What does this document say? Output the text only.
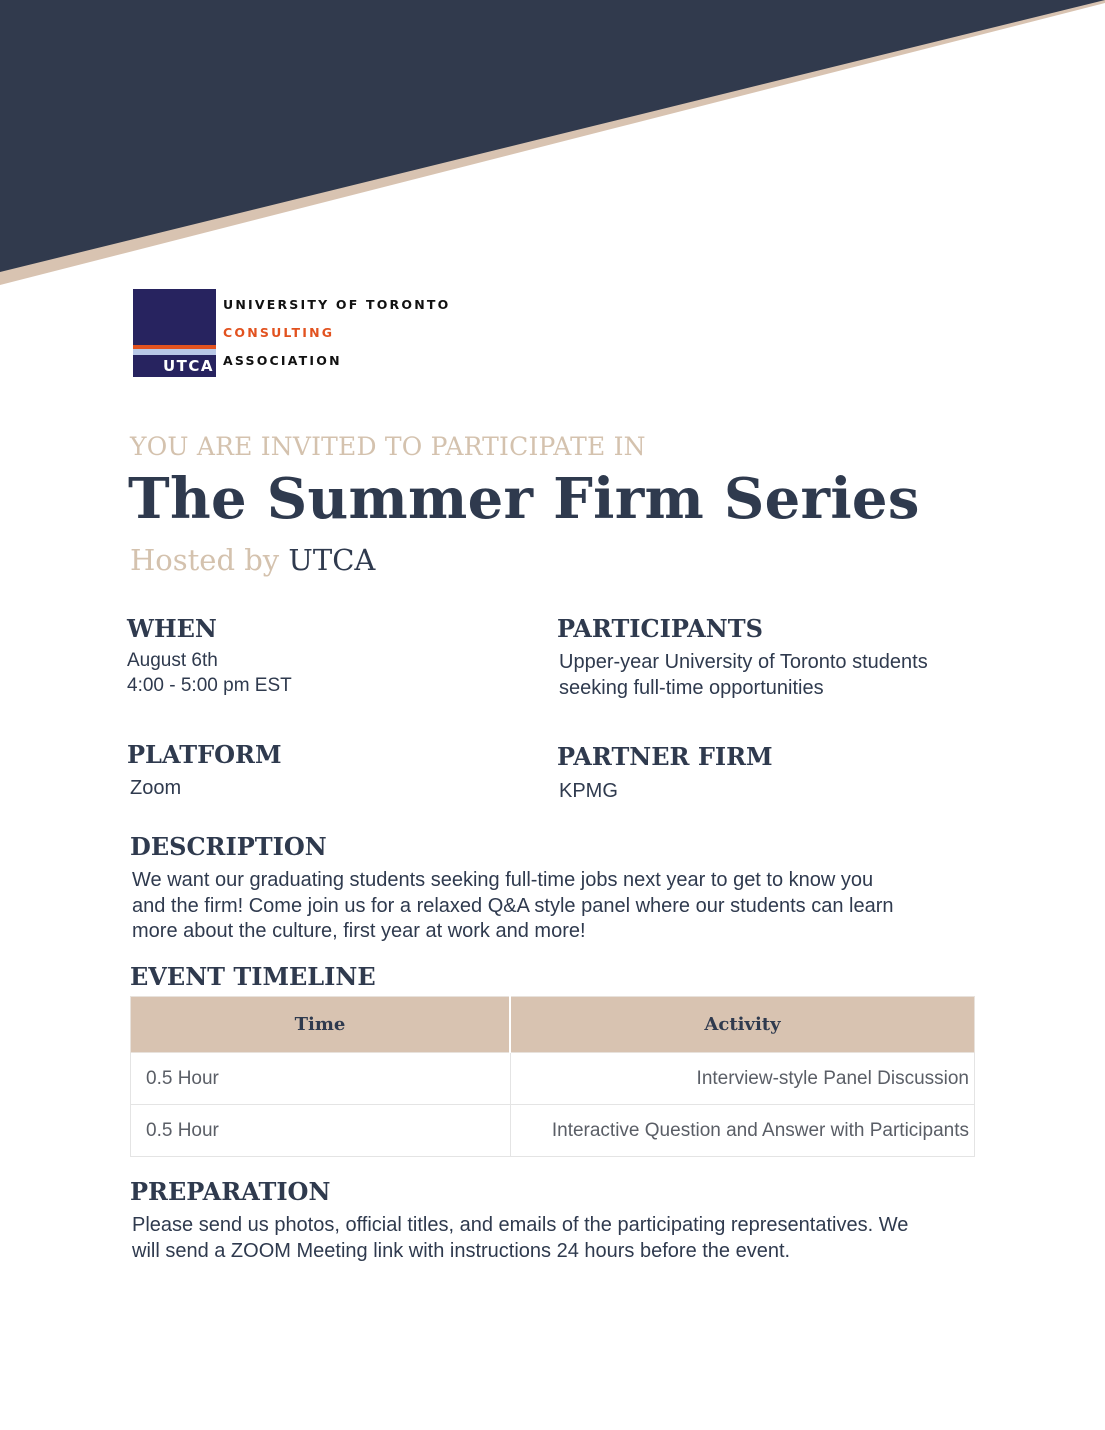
UTCA
UNIVERSITY OF TORONTO
CONSULTING
ASSOCIATION
YOU ARE INVITED TO PARTICIPATE IN
The Summer Firm Series
Hosted by UTCA
WHEN
August 6th
4:00 - 5:00 pm EST
PARTICIPANTS
Upper-year University of Toronto students
seeking full-time opportunities
PLATFORM
Zoom
PARTNER FIRM
KPMG
DESCRIPTION
We want our graduating students seeking full-time jobs next year to get to know you
and the firm! Come join us for a relaxed Q&A style panel where our students can learn
more about the culture, first year at work and more!
EVENT TIMELINE
Time	Activity
0.5 Hour	Interview-style Panel Discussion
0.5 Hour	Interactive Question and Answer with Participants
PREPARATION
Please send us photos, official titles, and emails of the participating representatives. We
will send a ZOOM Meeting link with instructions 24 hours before the event.
